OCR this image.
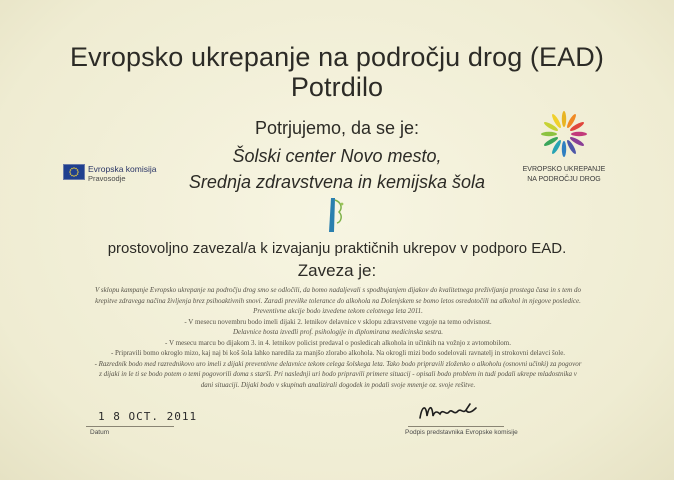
Evropsko ukrepanje na področju drog (EAD)
Potrdilo
Evropska komisija
Pravosodje
EVROPSKO UKREPANJE
NA PODROČJU DROG
Potrjujemo, da se je:
Šolski center Novo mesto,
Srednja zdravstvena in kemijska šola
prostovoljno zavezal/a k izvajanju praktičnih ukrepov v podporo EAD.
Zaveza je:

V sklopu kampanje Evropsko ukrepanje na področju drog smo se odločili, da bomo nadaljevali s spodbujanjem dijakov do kvalitetnega preživljanja prostega časa in s tem do

krepitve zdravega načina življenja brez psihoaktivnih snovi. Zaradi previlke tolerance do alkohola na Dolenjskem se bomo letos osredotočili na alkohol in njegove posledice.

Preventivne akcije bodo izvedene tekom celotnega leta 2011.

- V mesecu novembru bodo imeli dijaki 2. letnikov delavnice v sklopu zdravstvene vzgoje na temo odvisnost.

Delavnice bosta izvedli prof. psihologije in diplomirana medicinska sestra.

- V mesecu marcu bo dijakom 3. in 4. letnikov policist predaval o posledicah alkohola in učinkih na vožnjo z avtomobilom.

- Pripravili bomo okroglo mizo, kaj naj bi koš šola lahko naredila za manjšo zlorabo alkohola. Na okrogli mizi bodo sodelovali ravnatelj in strokovni delavci šole.

- Razrednik bodo med razrednikovo uro imeli z dijaki preventivne delavnice tekom celega šolskega leta. Tako bodo pripravili zloženko o alkoholu (osnovni učinki) za pogovor

z dijaki in le ti se bodo potem o temi pogovorili doma s starši. Pri naslednji uri bodo pripravili primere situacij - opisali bodo problem in tudi podali ukrepe mladostnika v

dani situaciji. Dijaki bodo v skupinah analizirali dogodek in podali svoje mnenje oz. svoje rešitve.

1 8 OCT. 2011
Datum	Podpis predstavnika Evropske komisije
